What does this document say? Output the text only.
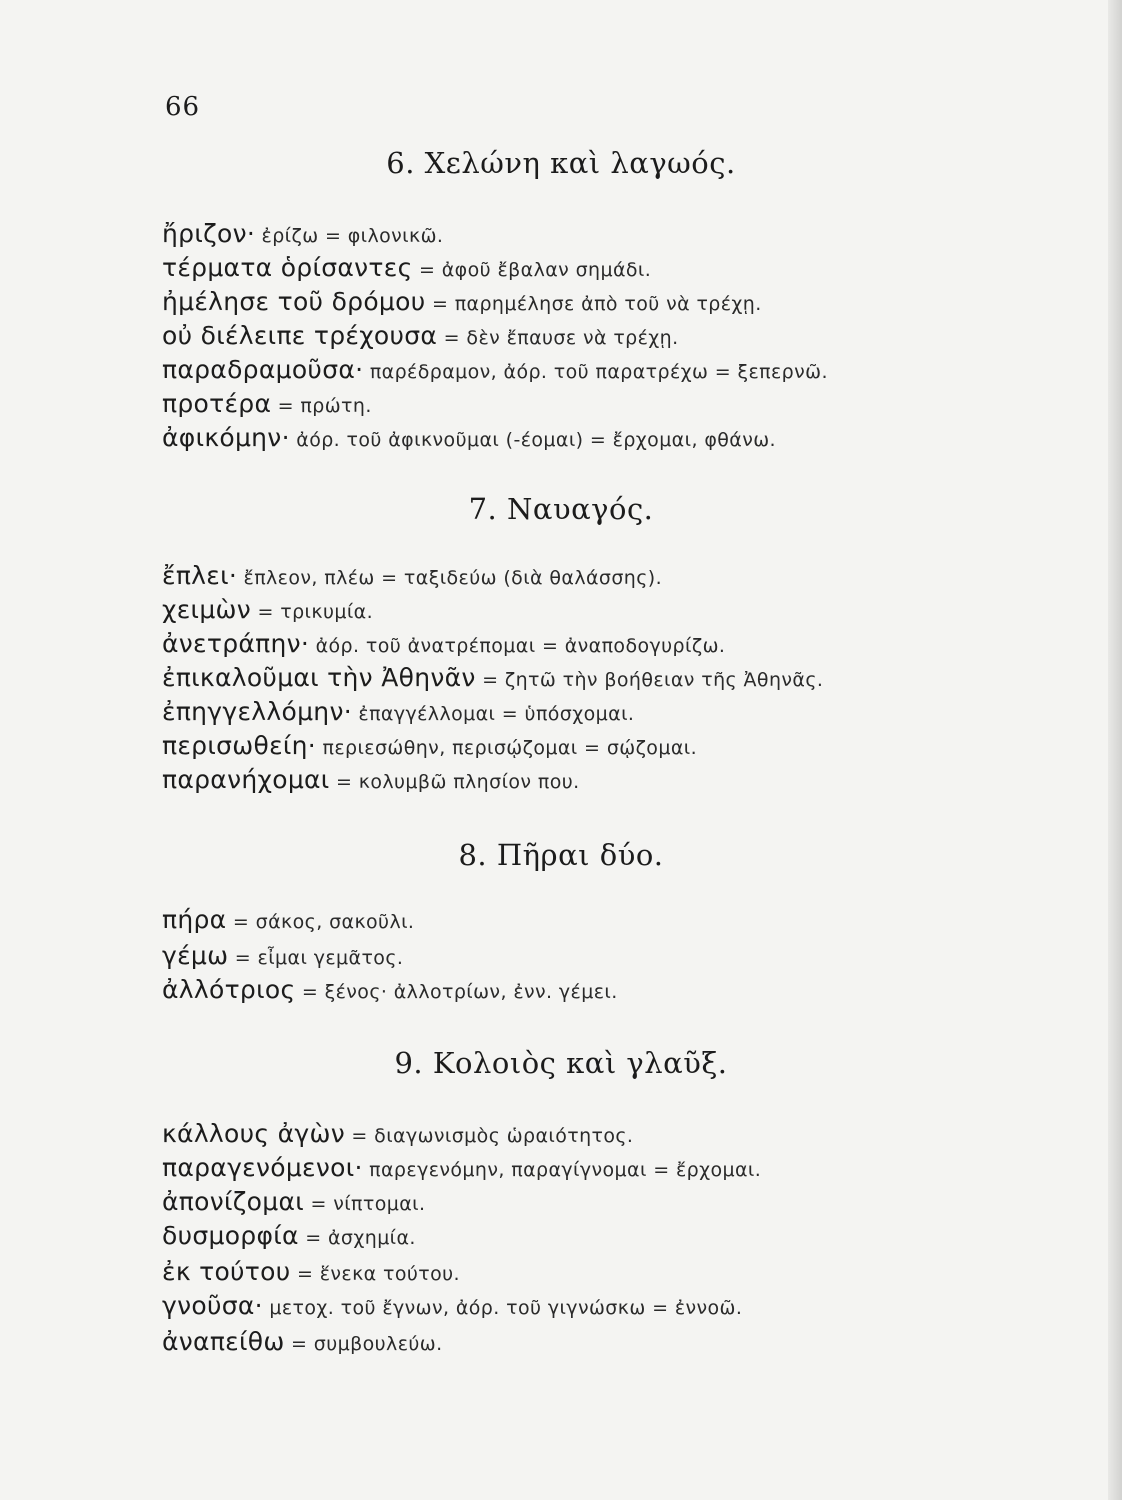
66
6. Χελώνη καὶ λαγωός.
ἤριζον· ἐρίζω = φιλονικῶ.
τέρματα ὁρίσαντες = ἀφοῦ ἔβαλαν σημάδι.
ἠμέλησε τοῦ δρόμου = παρημέλησε ἀπὸ τοῦ νὰ τρέχῃ.
οὐ διέλειπε τρέχουσα = δὲν ἔπαυσε νὰ τρέχῃ.
παραδραμοῦσα· παρέδραμον, ἀόρ. τοῦ παρατρέχω = ξεπερνῶ.
προτέρα = πρώτη.
ἀφικόμην· ἀόρ. τοῦ ἀφικνοῦμαι (-έομαι) = ἔρχομαι, φθάνω.
7. Ναυαγός.
ἔπλει· ἔπλεον, πλέω = ταξιδεύω (διὰ θαλάσσης).
χειμὼν = τρικυμία.
ἀνετράπην· ἀόρ. τοῦ ἀνατρέπομαι = ἀναποδογυρίζω.
ἐπικαλοῦμαι τὴν Ἀθηνᾶν = ζητῶ τὴν βοήθειαν τῆς Ἀθηνᾶς.
ἐπηγγελλόμην· ἐπαγγέλλομαι = ὑπόσχομαι.
περισωθείη· περιεσώθην, περισῴζομαι = σῴζομαι.
παρανήχομαι = κολυμβῶ πλησίον που.
8. Πῆραι δύο.
πήρα = σάκος, σακοῦλι.
γέμω = εἶμαι γεμᾶτος.
ἀλλότριος = ξένος· ἀλλοτρίων, ἐνν. γέμει.
9. Κολοιὸς καὶ γλαῦξ.
κάλλους ἀγὼν = διαγωνισμὸς ὡραιότητος.
παραγενόμενοι· παρεγενόμην, παραγίγνομαι = ἔρχομαι.
ἀπονίζομαι = νίπτομαι.
δυσμορφία = ἀσχημία.
ἐκ τούτου = ἕνεκα τούτου.
γνοῦσα· μετοχ. τοῦ ἔγνων, ἀόρ. τοῦ γιγνώσκω = ἐννοῶ.
ἀναπείθω = συμβουλεύω.
